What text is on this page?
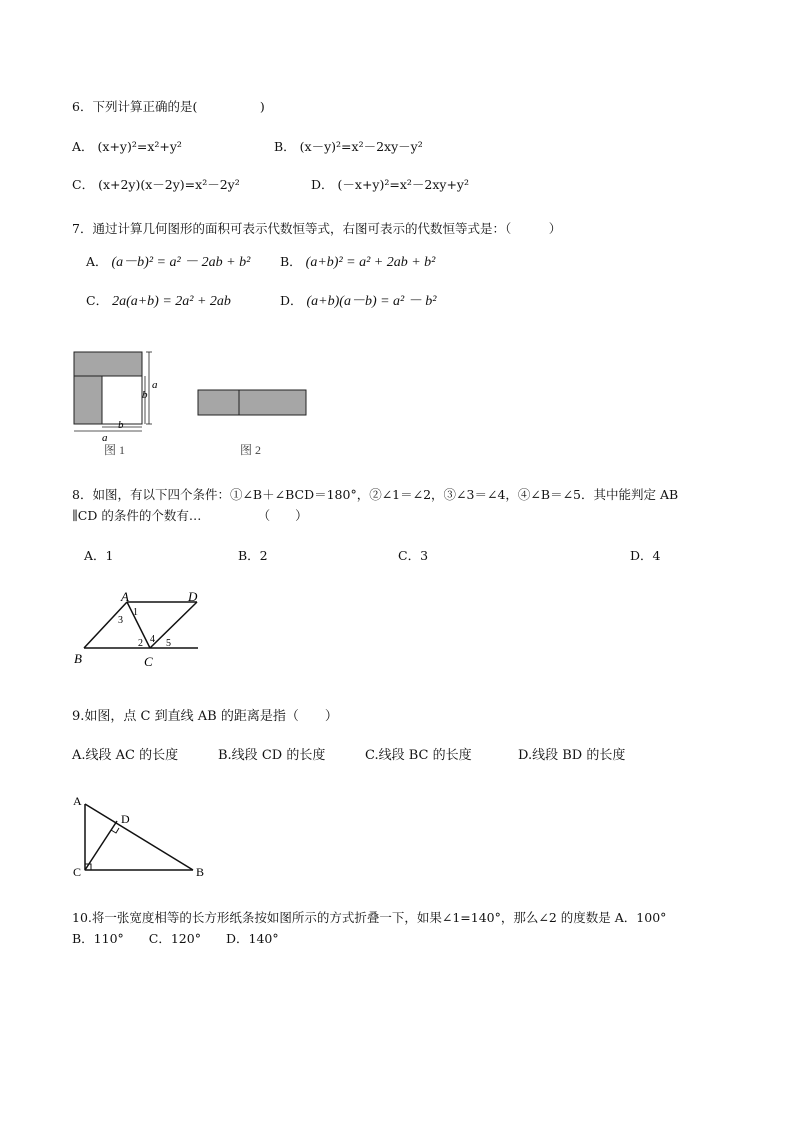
6．下列计算正确的是(　　　　　)
A． (x+y)²=x²+y²	B． (x－y)²=x²－2xy－y²
C． (x+2y)(x－2y)=x²－2y²	D． (－x+y)²=x²－2xy+y²
7．通过计算几何图形的面积可表示代数恒等式，右图可表示的代数恒等式是：（　　　）
A． (a－b)² = a² － 2ab + b² B． (a+b)² = a² + 2ab + b²
C． 2a(a+b) = 2a² + 2ab	D． (a+b)(a－b) = a² － b²
a
b
b
a
图 1	图 2
8．如图，有以下四个条件：①∠B＋∠BCD＝180°，②∠1＝∠2，③∠3＝∠4，④∠B＝∠5．其中能判定 AB
∥CD 的条件的个数有…　　　　　（　　）
A．1	B．2	C．3	D．4
A	D
B	C
1
3
2 4 5
9.如图，点 C 到直线 AB 的距离是指（　　）
A.线段 AC 的长度	B.线段 CD 的长度	C.线段 BC 的长度	D.线段 BD 的长度
A
D
C	B
10.将一张宽度相等的长方形纸条按如图所示的方式折叠一下，如果∠1=140°，那么∠2 的度数是 A．100°
B．110°　　C．120°　　D．140°
